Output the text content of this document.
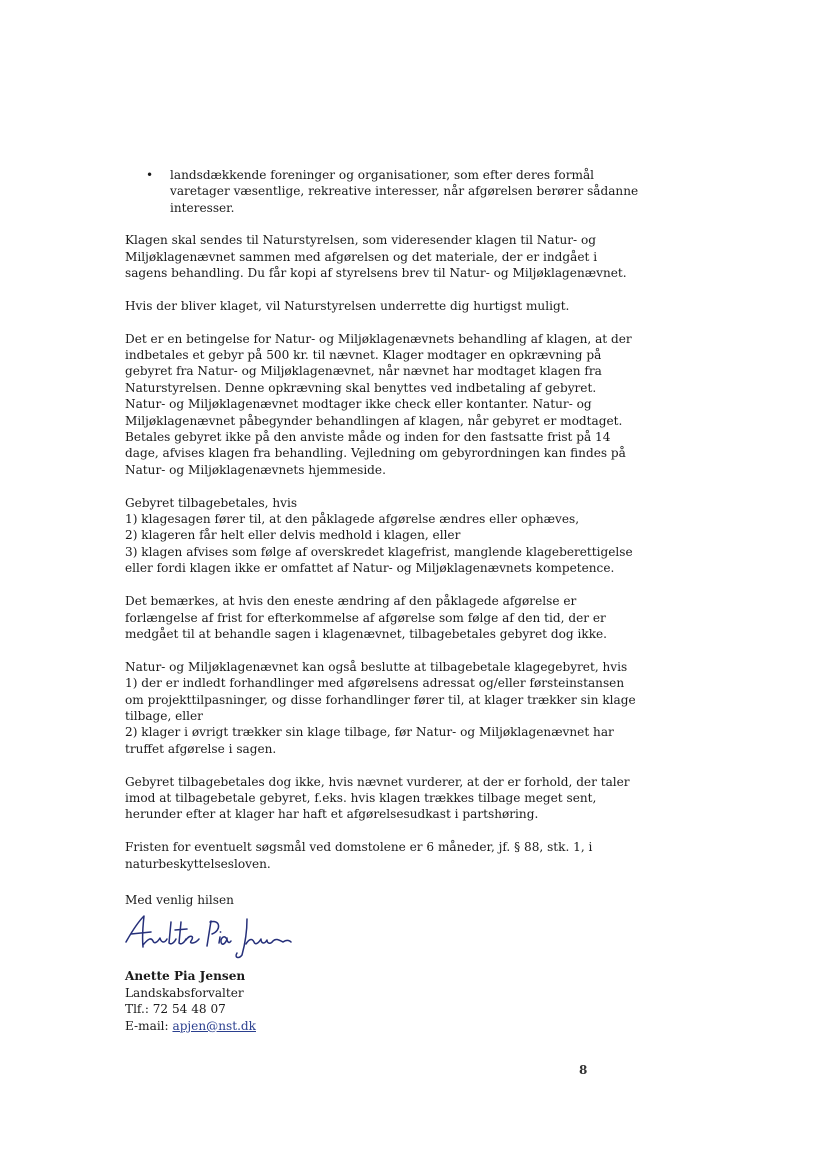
• landsdækkende foreninger og organisationer, som efter deres formål
varetager væsentlige, rekreative interesser, når afgørelsen berører sådanne
interesser.

Klagen skal sendes til Naturstyrelsen, som videresender klagen til Natur- og
Miljøklagenævnet sammen med afgørelsen og det materiale, der er indgået i
sagens behandling. Du får kopi af styrelsens brev til Natur- og Miljøklagenævnet.

Hvis der bliver klaget, vil Naturstyrelsen underrette dig hurtigst muligt.

Det er en betingelse for Natur- og Miljøklagenævnets behandling af klagen, at der
indbetales et gebyr på 500 kr. til nævnet. Klager modtager en opkrævning på
gebyret fra Natur- og Miljøklagenævnet, når nævnet har modtaget klagen fra
Naturstyrelsen. Denne opkrævning skal benyttes ved indbetaling af gebyret.
Natur- og Miljøklagenævnet modtager ikke check eller kontanter. Natur- og
Miljøklagenævnet påbegynder behandlingen af klagen, når gebyret er modtaget.
Betales gebyret ikke på den anviste måde og inden for den fastsatte frist på 14
dage, afvises klagen fra behandling. Vejledning om gebyrordningen kan findes på
Natur- og Miljøklagenævnets hjemmeside.

Gebyret tilbagebetales, hvis
1) klagesagen fører til, at den påklagede afgørelse ændres eller ophæves,
2) klageren får helt eller delvis medhold i klagen, eller
3) klagen afvises som følge af overskredet klagefrist, manglende klageberettigelse
eller fordi klagen ikke er omfattet af Natur- og Miljøklagenævnets kompetence.

Det bemærkes, at hvis den eneste ændring af den påklagede afgørelse er
forlængelse af frist for efterkommelse af afgørelse som følge af den tid, der er
medgået til at behandle sagen i klagenævnet, tilbagebetales gebyret dog ikke.

Natur- og Miljøklagenævnet kan også beslutte at tilbagebetale klagegebyret, hvis
1) der er indledt forhandlinger med afgørelsens adressat og/eller førsteinstansen
om projekttilpasninger, og disse forhandlinger fører til, at klager trækker sin klage
tilbage, eller
2) klager i øvrigt trækker sin klage tilbage, før Natur- og Miljøklagenævnet har
truffet afgørelse i sagen.

Gebyret tilbagebetales dog ikke, hvis nævnet vurderer, at der er forhold, der taler
imod at tilbagebetale gebyret, f.eks. hvis klagen trækkes tilbage meget sent,
herunder efter at klager har haft et afgørelsesudkast i partshøring.

Fristen for eventuelt søgsmål ved domstolene er 6 måneder, jf. § 88, stk. 1, i
naturbeskyttelsesloven.

Med venlig hilsen
Anette Pia Jensen
Landskabsforvalter
Tlf.: 72 54 48 07
E-mail: apjen@nst.dk
8
